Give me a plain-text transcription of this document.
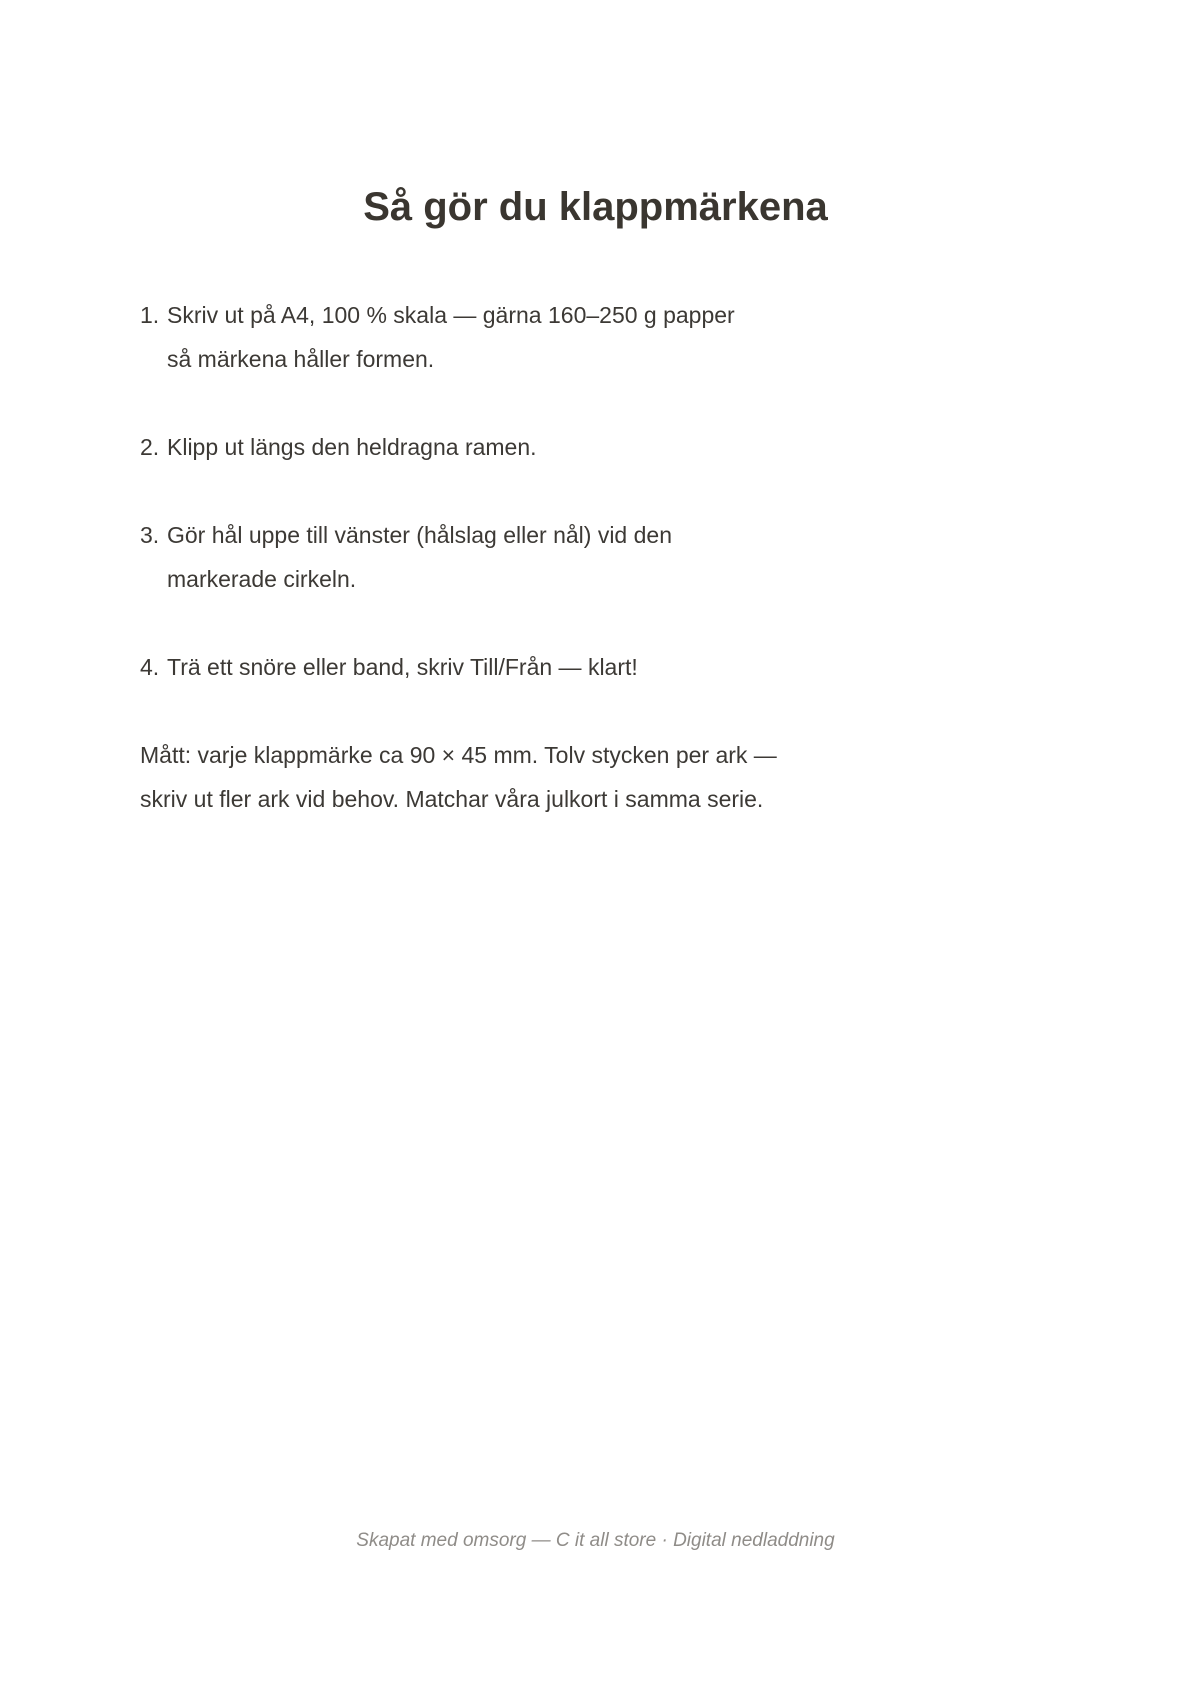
Så gör du klappmärkena
1. Skriv ut på A4, 100 % skala — gärna 160–250 g papper
så märkena håller formen.
2. Klipp ut längs den heldragna ramen.
3. Gör hål uppe till vänster (hålslag eller nål) vid den
markerade cirkeln.
4. Trä ett snöre eller band, skriv Till/Från — klart!

Mått: varje klappmärke ca 90 × 45 mm. Tolv stycken per ark —
skriv ut fler ark vid behov. Matchar våra julkort i samma serie.

Skapat med omsorg — C it all store · Digital nedladdning
